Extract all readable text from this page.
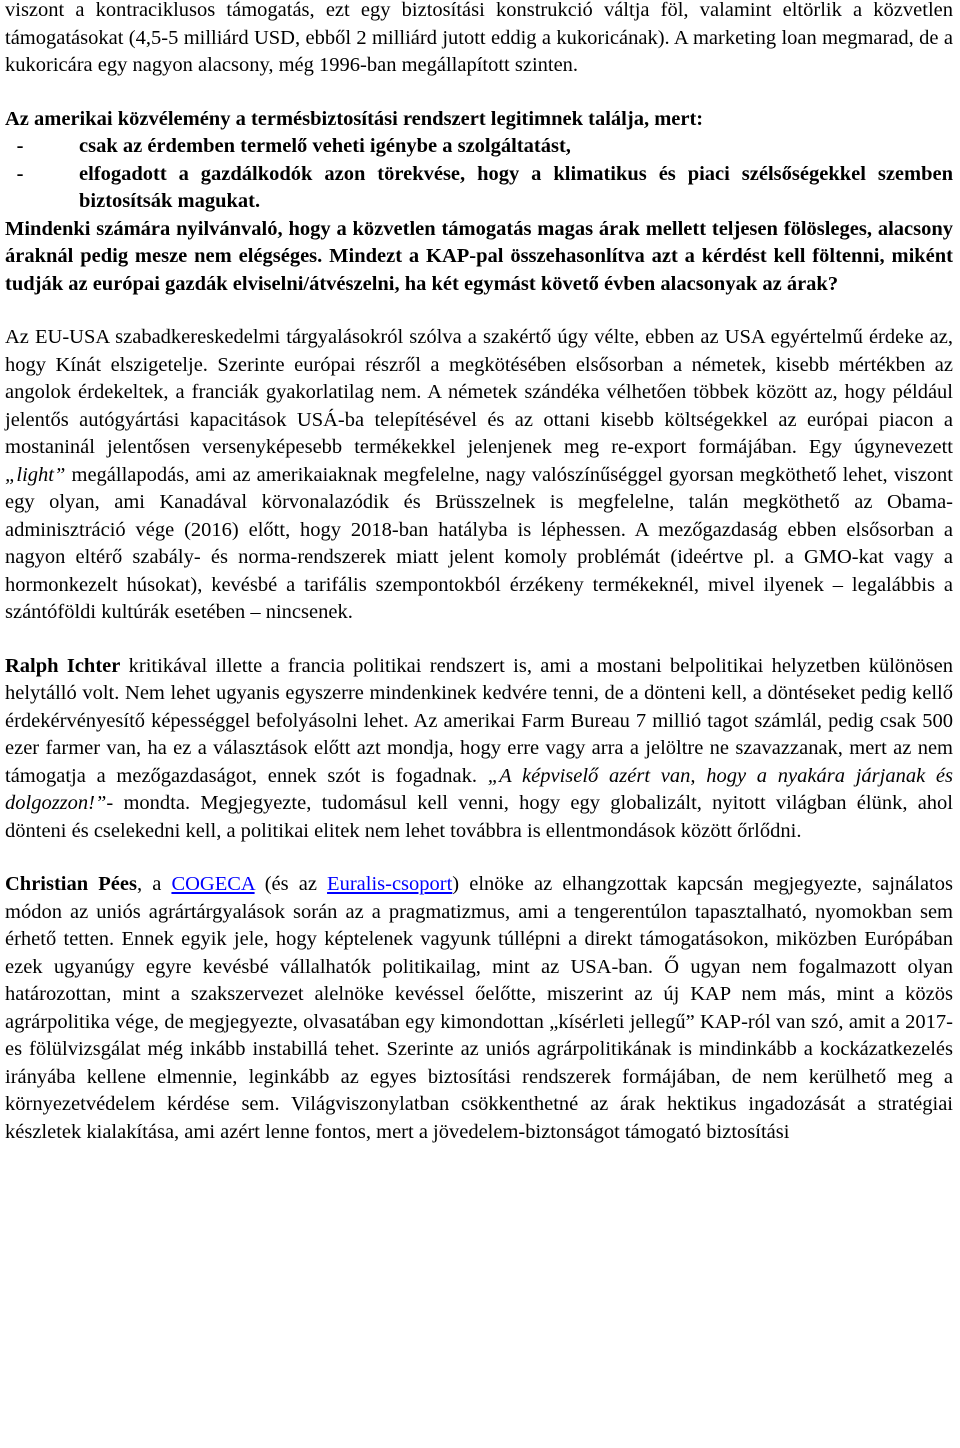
viszont a kontraciklusos támogatás, ezt egy biztosítási konstrukció váltja föl, valamint eltörlik a közvetlen támogatásokat (4,5-5 milliárd USD, ebből 2 milliárd jutott eddig a kukoricának). A marketing loan megmarad, de a kukoricára egy nagyon alacsony, még 1996-ban megállapított szinten.

Az amerikai közvélemény a termésbiztosítási rendszert legitimnek találja, mert:

-	csak az érdemben termelő veheti igénybe a szolgáltatást,
-	elfogadott a gazdálkodók azon törekvése, hogy a klimatikus és piaci szélsőségekkel szemben biztosítsák magukat.

Mindenki számára nyilvánvaló, hogy a közvetlen támogatás magas árak mellett teljesen fölösleges, alacsony áraknál pedig mesze nem elégséges. Mindezt a KAP-pal összehasonlítva azt a kérdést kell föltenni, miként tudják az európai gazdák elviselni/átvészelni, ha két egymást követő évben alacsonyak az árak?

Az EU-USA szabadkereskedelmi tárgyalásokról szólva a szakértő úgy vélte, ebben az USA egyértelmű érdeke az, hogy Kínát elszigetelje. Szerinte európai részről a megkötésében elsősorban a németek, kisebb mértékben az angolok érdekeltek, a franciák gyakorlatilag nem. A németek szándéka vélhetően többek között az, hogy például jelentős autógyártási kapacitások USÁ-ba telepítésével és az ottani kisebb költségekkel az európai piacon a mostaninál jelentősen versenyképesebb termékekkel jelenjenek meg re-export formájában. Egy úgynevezett „light” megállapodás, ami az amerikaiaknak megfelelne, nagy valószínűséggel gyorsan megköthető lehet, viszont egy olyan, ami Kanadával körvonalazódik és Brüsszelnek is megfelelne, talán megköthető az Obama-adminisztráció vége (2016) előtt, hogy 2018-ban hatályba is léphessen. A mezőgazdaság ebben elsősorban a nagyon eltérő szabály- és norma-rendszerek miatt jelent komoly problémát (ideértve pl. a GMO-kat vagy a hormonkezelt húsokat), kevésbé a tarifális szempontokból érzékeny termékeknél, mivel ilyenek – legalábbis a szántóföldi kultúrák esetében – nincsenek.

Ralph Ichter kritikával illette a francia politikai rendszert is, ami a mostani belpolitikai helyzetben különösen helytálló volt. Nem lehet ugyanis egyszerre mindenkinek kedvére tenni, de a dönteni kell, a döntéseket pedig kellő érdekérvényesítő képességgel befolyásolni lehet. Az amerikai Farm Bureau 7 millió tagot számlál, pedig csak 500 ezer farmer van, ha ez a választások előtt azt mondja, hogy erre vagy arra a jelöltre ne szavazzanak, mert az nem támogatja a mezőgazdaságot, ennek szót is fogadnak. „A képviselő azért van, hogy a nyakára járjanak és dolgozzon!”- mondta. Megjegyezte, tudomásul kell venni, hogy egy globalizált, nyitott világban élünk, ahol dönteni és cselekedni kell, a politikai elitek nem lehet továbbra is ellentmondások között őrlődni.

Christian Pées, a COGECA (és az Euralis-csoport) elnöke az elhangzottak kapcsán megjegyezte, sajnálatos módon az uniós agrártárgyalások során az a pragmatizmus, ami a tengerentúlon tapasztalható, nyomokban sem érhető tetten. Ennek egyik jele, hogy képtelenek vagyunk túllépni a direkt támogatásokon, miközben Európában ezek ugyanúgy egyre kevésbé vállalhatók politikailag, mint az USA-ban. Ő ugyan nem fogalmazott olyan határozottan, mint a szakszervezet alelnöke kevéssel őelőtte, miszerint az új KAP nem más, mint a közös agrárpolitika vége, de megjegyezte, olvasatában egy kimondottan „kísérleti jellegű” KAP-ról van szó, amit a 2017-es fölülvizsgálat még inkább instabillá tehet. Szerinte az uniós agrárpolitikának is mindinkább a kockázatkezelés irányába kellene elmennie, leginkább az egyes biztosítási rendszerek formájában, de nem kerülhető meg a környezetvédelem kérdése sem. Világviszonylatban csökkenthetné az árak hektikus ingadozását a stratégiai készletek kialakítása, ami azért lenne fontos, mert a jövedelem-biztonságot támogató biztosítási
